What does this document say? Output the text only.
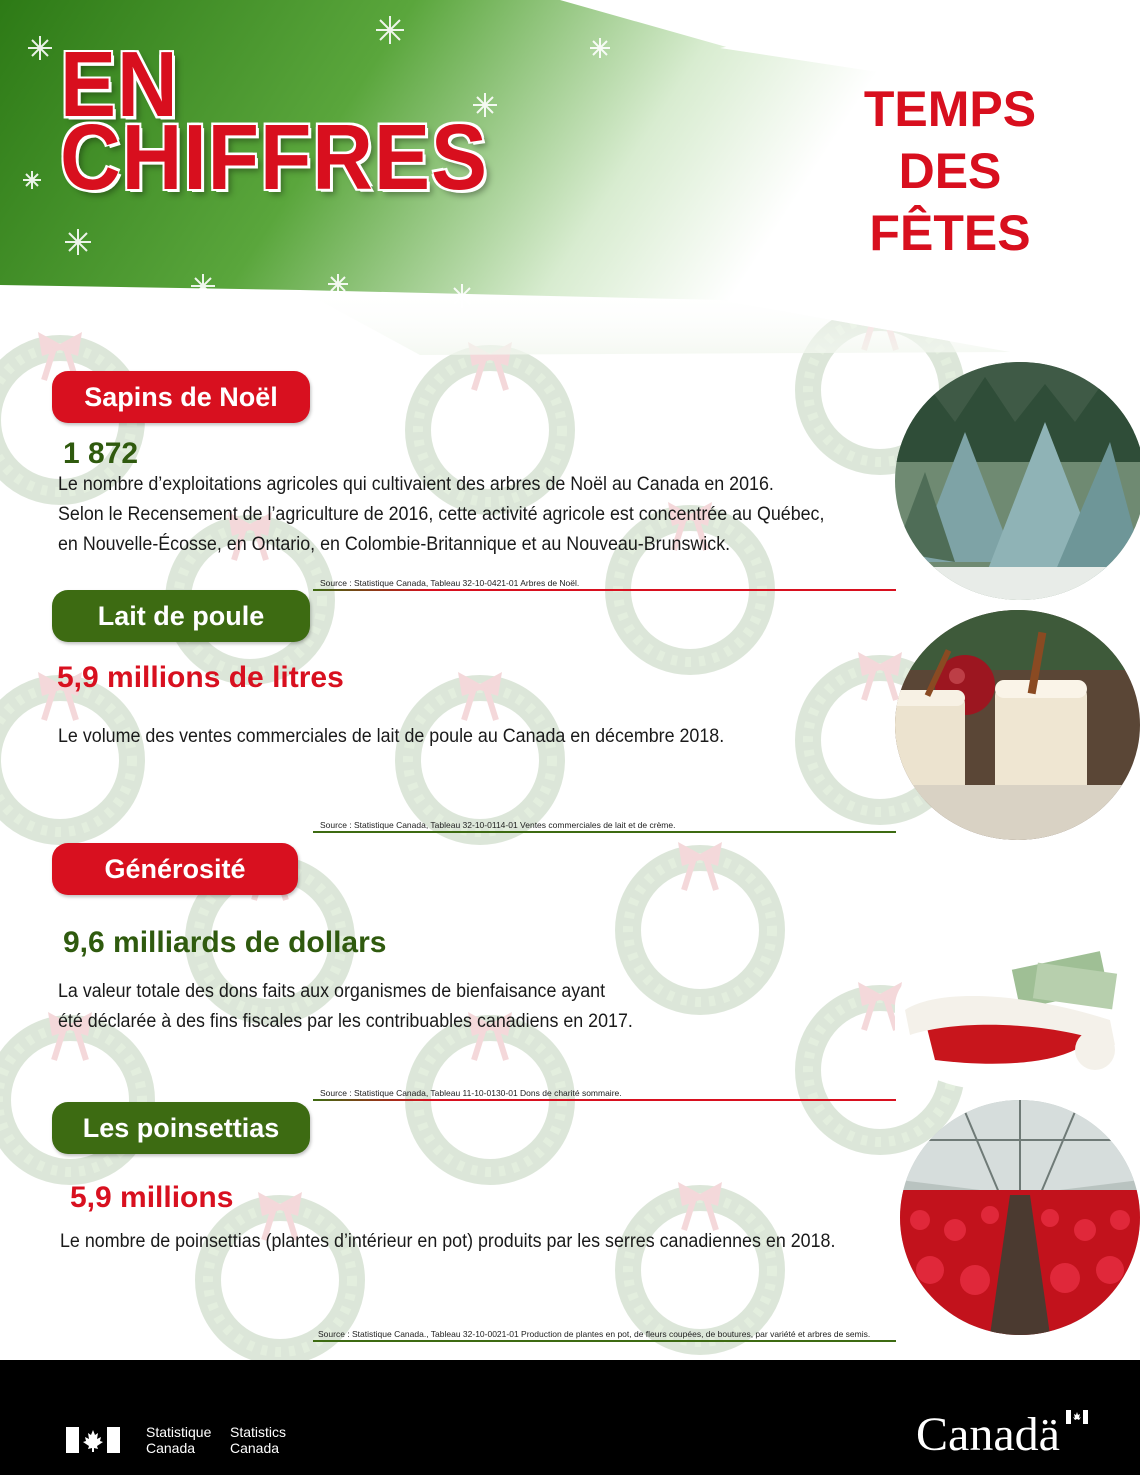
EN
CHIFFRES	TEMPS
DES
FÊTES
Sapins de Noël
1 872
Le nombre d’exploitations agricoles qui cultivaient des arbres de Noël au Canada en 2016.
Selon le Recensement de l’agriculture de 2016, cette activité agricole est concentrée au Québec,
en Nouvelle-Écosse, en Ontario, en Colombie-Britannique et au Nouveau-Brunswick.
Source : Statistique Canada, Tableau 32-10-0421-01 Arbres de Noël.
Lait de poule
5,9 millions de litres
Le volume des ventes commerciales de lait de poule au Canada en décembre 2018.
Source : Statistique Canada, Tableau 32-10-0114-01 Ventes commerciales de lait et de crème.
Générosité
9,6 milliards de dollars
La valeur totale des dons faits aux organismes de bienfaisance ayant
été déclarée à des fins fiscales par les contribuables canadiens en 2017.
Source : Statistique Canada, Tableau 11-10-0130-01 Dons de charité sommaire.
Les poinsettias
5,9 millions
Le nombre de poinsettias (plantes d’intérieur en pot) produits par les serres canadiennes en 2018.
Source : Statistique Canada., Tableau 32-10-0021-01 Production de plantes en pot, de fleurs coupées, de boutures, par variété et arbres de semis.
Statistique
Canada
Statistics
Canada	Canadä
